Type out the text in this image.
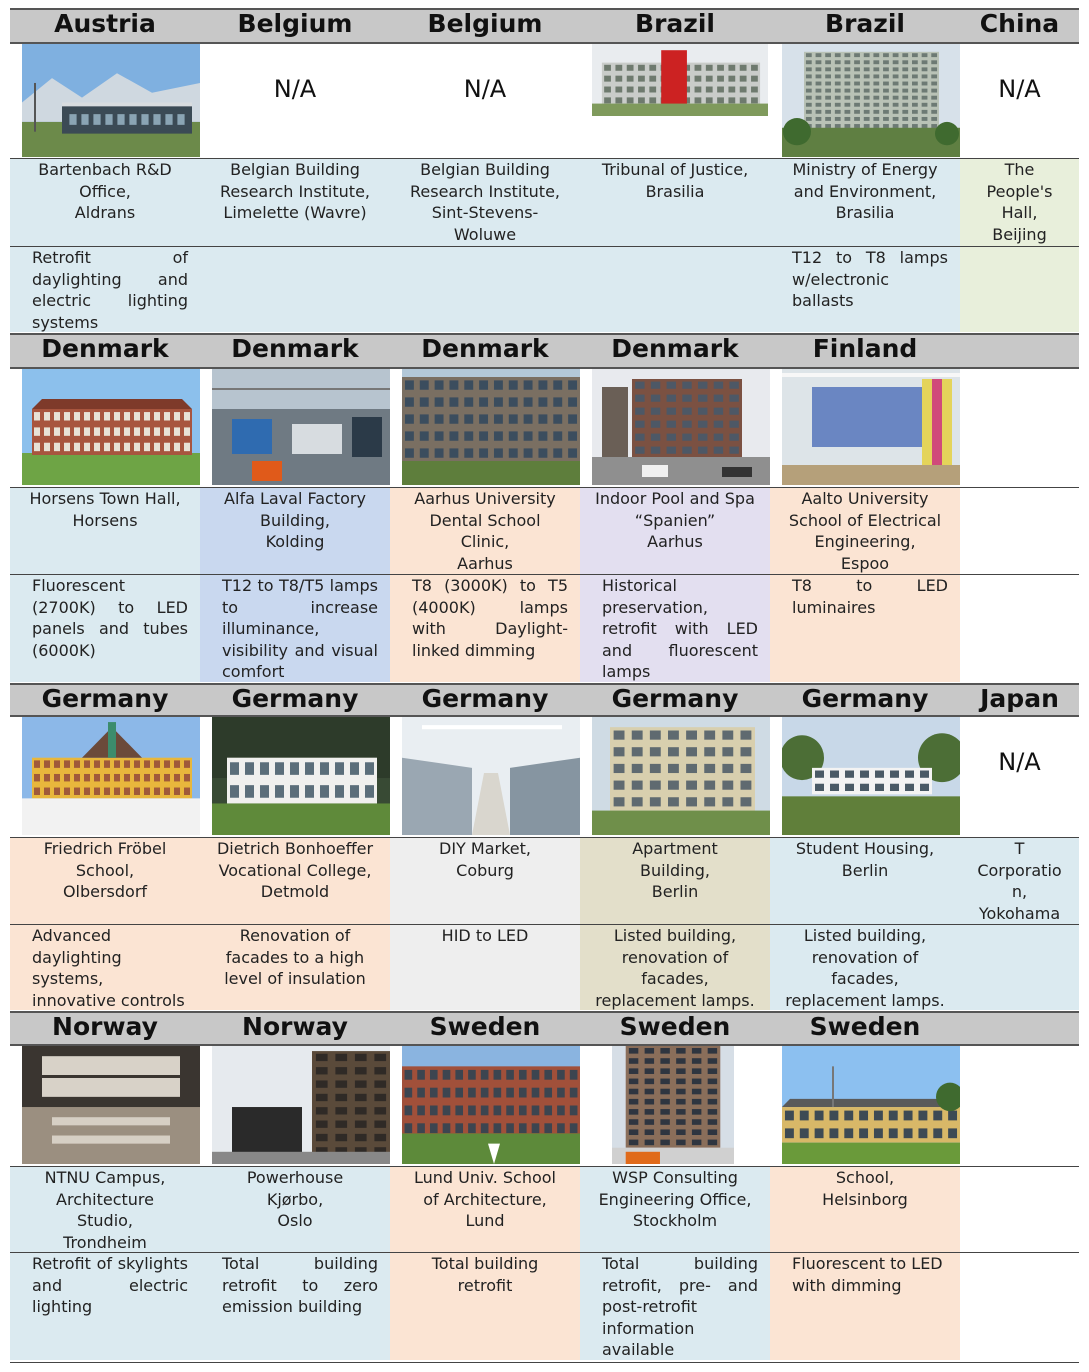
Austria
Bartenbach R&D
Office,
Aldrans
Retrofit of daylighting and electric lighting systems
Belgium
N/A
Belgian Building
Research Institute,
Limelette (Wavre)
Belgium
N/A
Belgian Building
Research Institute,
Sint-Stevens-
Woluwe
Brazil
Tribunal of Justice,
Brasilia
Brazil
Ministry of Energy
and Environment,
Brasilia
T12 to T8 lamps w/electronic ballasts
China
N/A
The
People's
Hall,
Beijing
Denmark
Horsens Town Hall,
Horsens
Fluorescent (2700K) to LED panels and tubes (6000K)
Denmark
Alfa Laval Factory
Building,
Kolding
T12 to T8/T5 lamps to increase illuminance, visibility and visual comfort
Denmark
Aarhus University
Dental School
Clinic,
Aarhus
T8 (3000K) to T5 (4000K) lamps with Daylight-linked dimming
Denmark
Indoor Pool and Spa
“Spanien”
Aarhus
Historical preservation, retrofit with LED and fluorescent lamps
Finland
Aalto University
School of Electrical
Engineering,
Espoo
T8 to LED luminaires
Germany
Friedrich Fröbel
School,
Olbersdorf
Advanced daylighting systems, innovative controls
Germany
Dietrich Bonhoeffer
Vocational College,
Detmold
Renovation of facades to a high level of insulation
Germany
DIY Market,
Coburg
HID to LED
Germany
Apartment
Building,
Berlin
Listed building, renovation of facades, replacement lamps.
Germany
Student Housing,
Berlin
Listed building, renovation of facades, replacement lamps.
Japan
N/A
T
Corporatio
n,
Yokohama
Norway
NTNU Campus,
Architecture
Studio,
Trondheim
Retrofit of skylights and electric lighting
Norway
Powerhouse
Kjørbo,
Oslo
Total building retrofit to zero emission building
Sweden
Lund Univ. School
of Architecture,
Lund
Total building retrofit
Sweden
WSP Consulting
Engineering Office,
Stockholm
Total building retrofit, pre- and post-retrofit information available
Sweden
School,
Helsinborg
Fluorescent to LED with dimming
